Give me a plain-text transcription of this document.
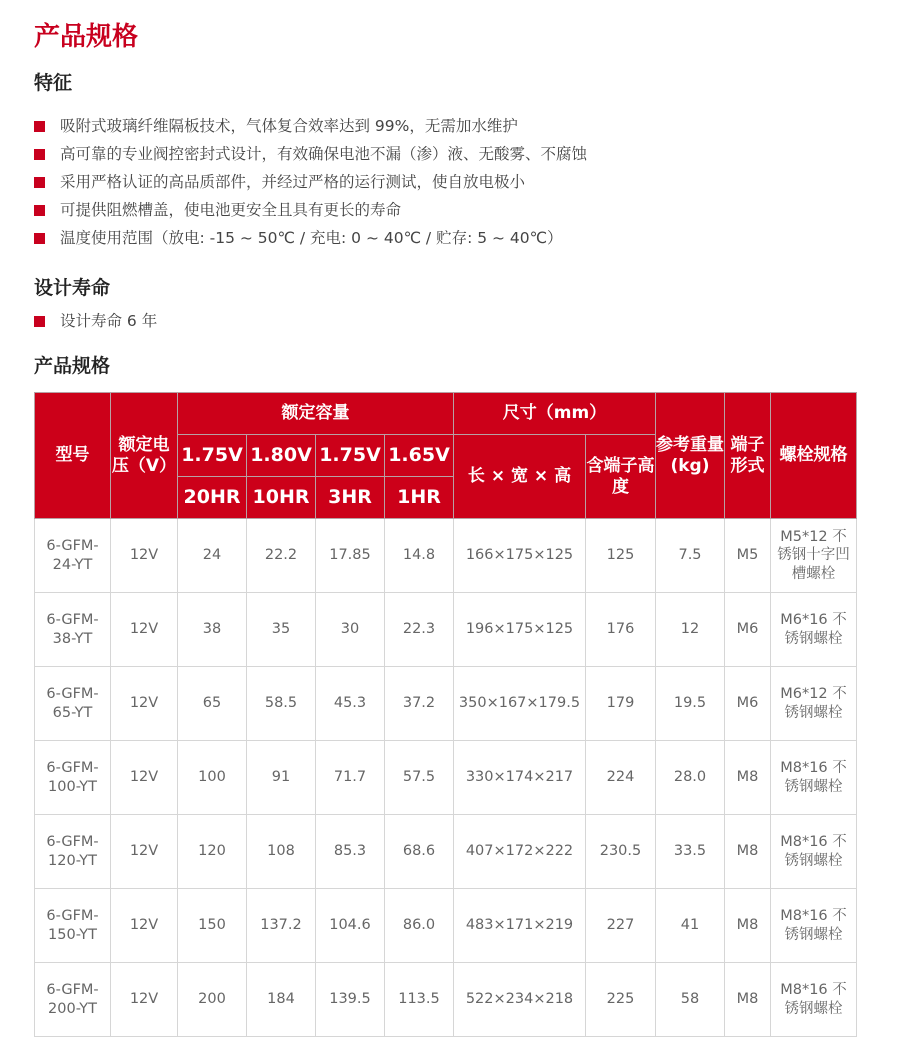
产品规格
特征
吸附式玻璃纤维隔板技术，气体复合效率达到 99%，无需加水维护
高可靠的专业阀控密封式设计，有效确保电池不漏（渗）液、无酸雾、不腐蚀
采用严格认证的高品质部件，并经过严格的运行测试，使自放电极小
可提供阻燃槽盖，使电池更安全且具有更长的寿命
温度使用范围（放电: -15 ~ 50℃ / 充电: 0 ~ 40℃ / 贮存: 5 ~ 40℃）
设计寿命
设计寿命 6 年
产品规格
型号	额定电压（V）	额定容量				尺寸（mm）		参考重量(kg)	端子形式	螺栓规格
		1.75V	1.80V	1.75V	1.65V	长 × 宽 × 高	含端子高度			
		20HR	10HR	3HR	1HR					
6-GFM-24-YT	12V	24	22.2	17.85	14.8	166×175×125	125	7.5	M5	M5*12 不锈钢十字凹槽螺栓
6-GFM-38-YT	12V	38	35	30	22.3	196×175×125	176	12	M6	M6*16 不锈钢螺栓
6-GFM-65-YT	12V	65	58.5	45.3	37.2	350×167×179.5	179	19.5	M6	M6*12 不锈钢螺栓
6-GFM-100-YT	12V	100	91	71.7	57.5	330×174×217	224	28.0	M8	M8*16 不锈钢螺栓
6-GFM-120-YT	12V	120	108	85.3	68.6	407×172×222	230.5	33.5	M8	M8*16 不锈钢螺栓
6-GFM-150-YT	12V	150	137.2	104.6	86.0	483×171×219	227	41	M8	M8*16 不锈钢螺栓
6-GFM-200-YT	12V	200	184	139.5	113.5	522×234×218	225	58	M8	M8*16 不锈钢螺栓
